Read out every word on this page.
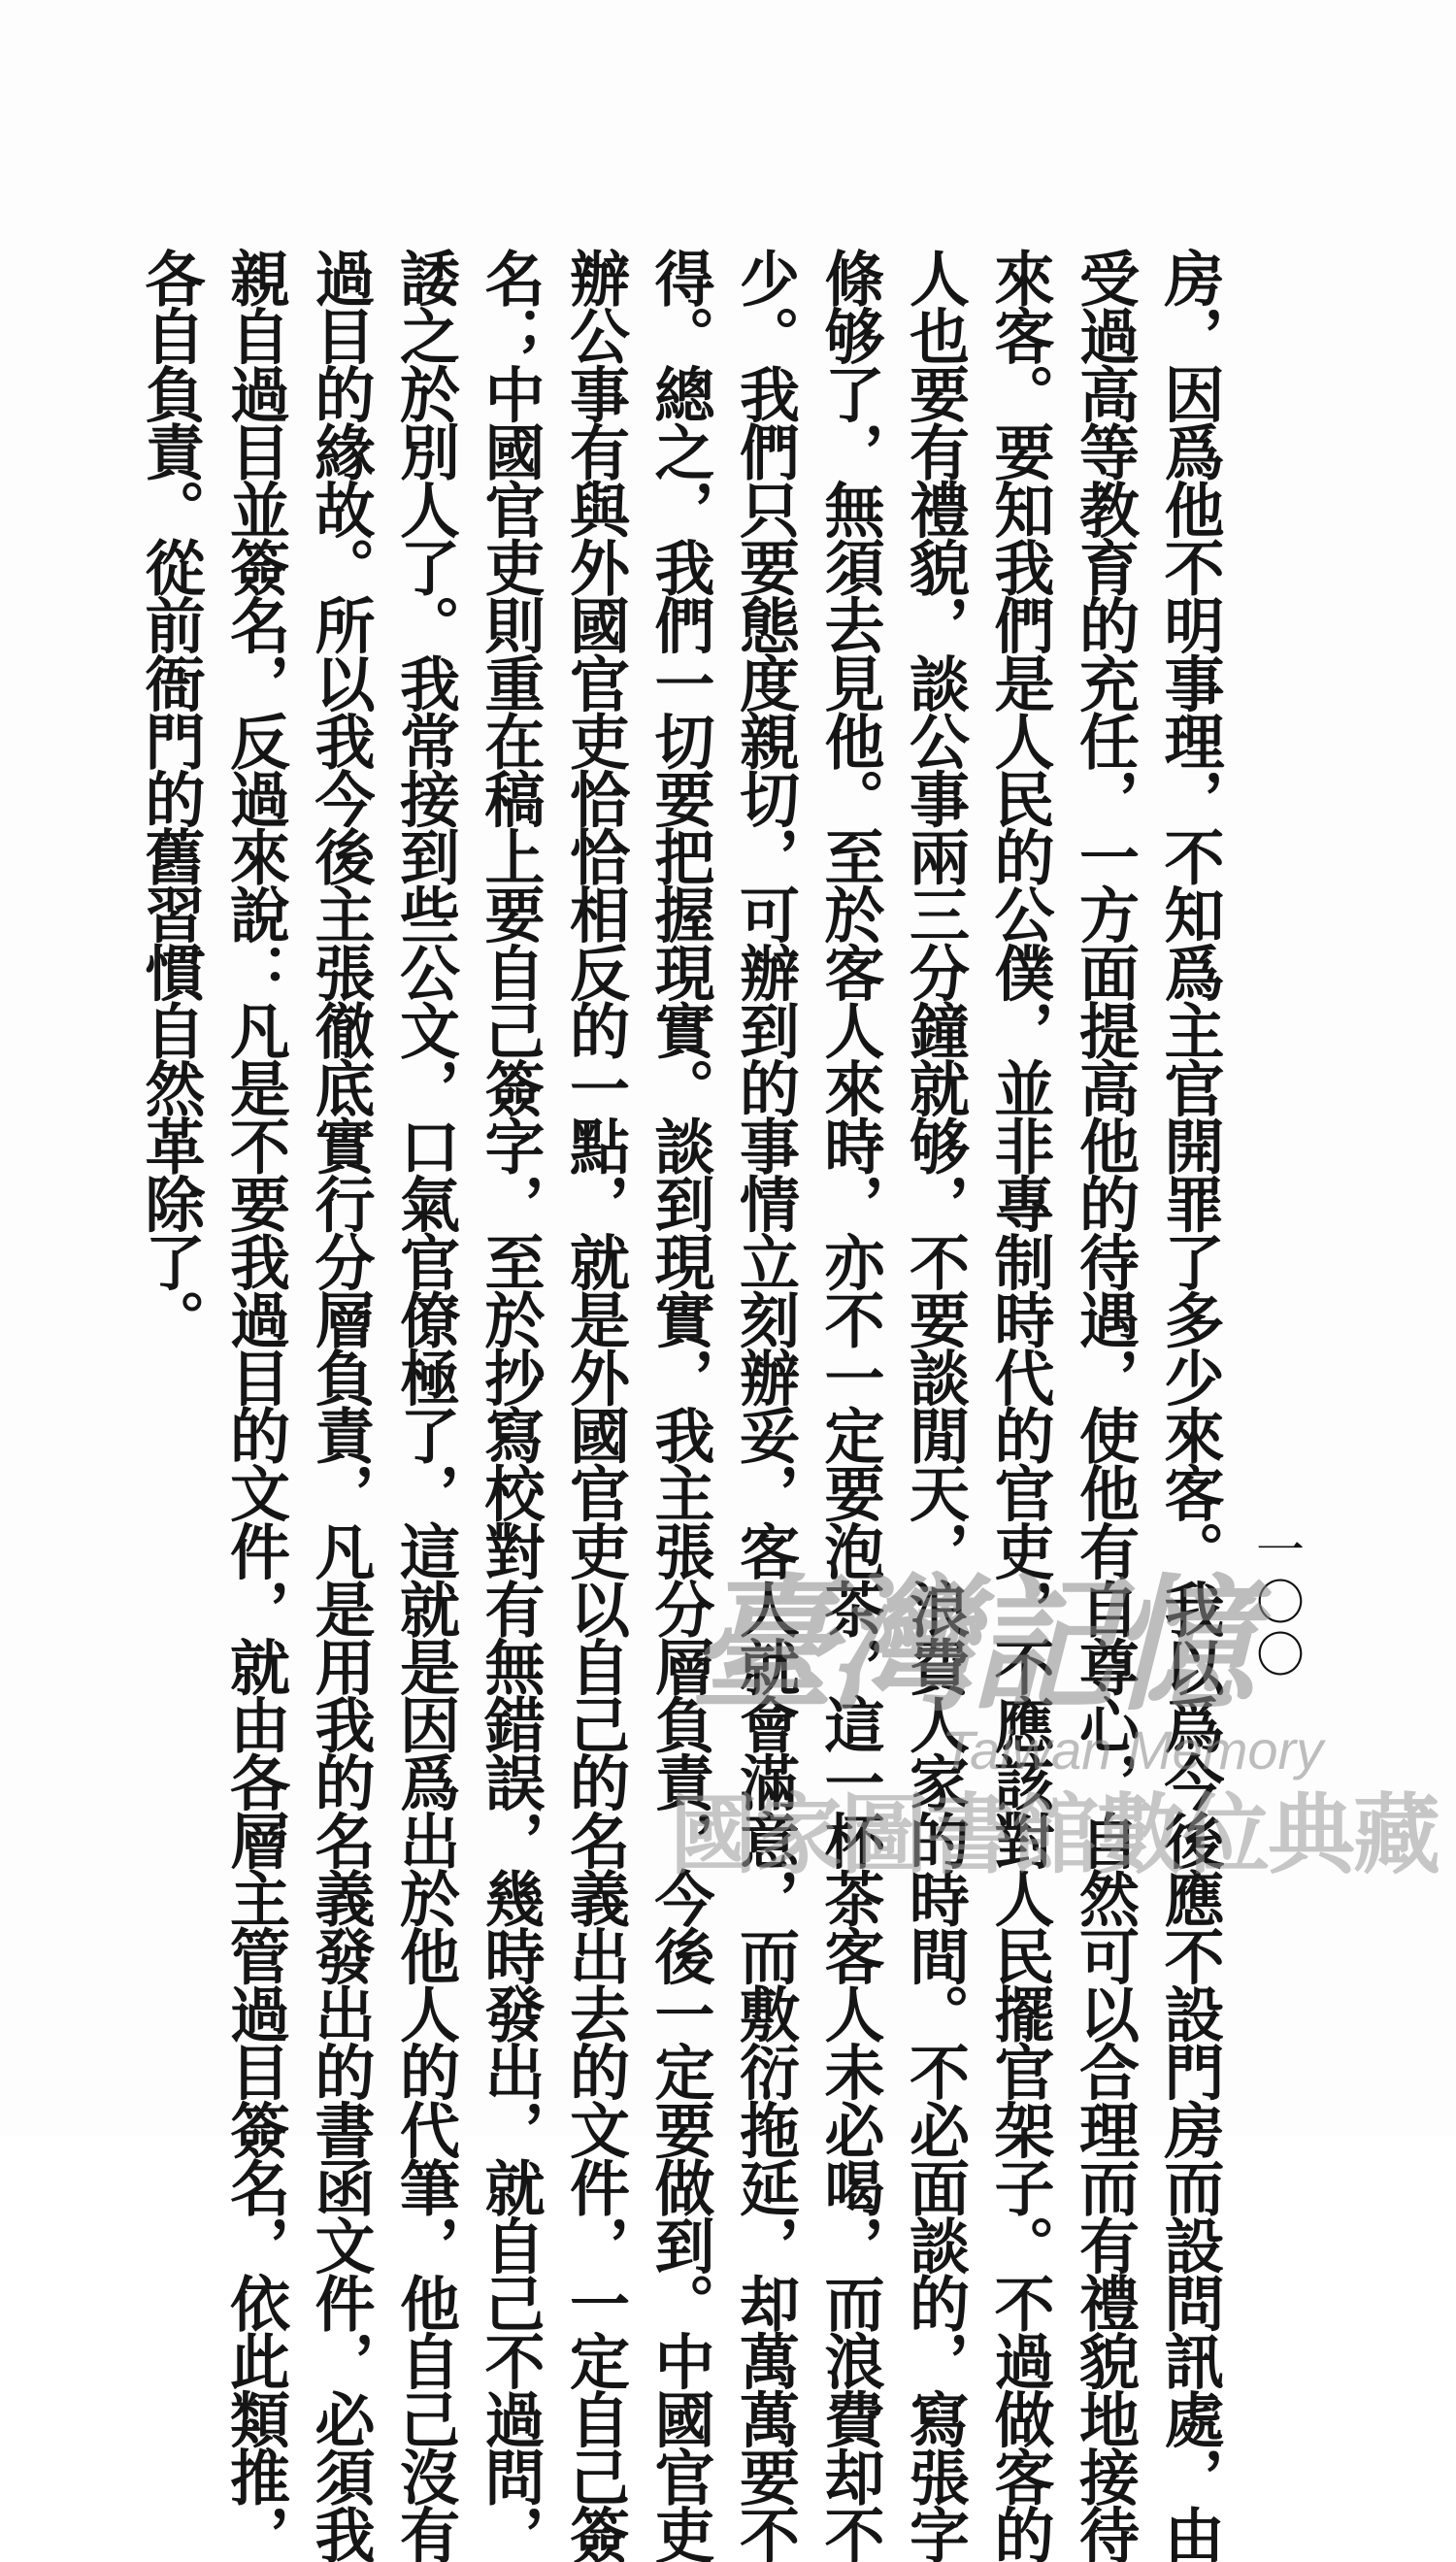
一〇〇
房，因爲他不明事理，不知爲主官開罪了多少來客。我以爲今後應不設門房而設問訊處，由
受過高等教育的充任，一方面提高他的待遇，使他有自尊心，自然可以合理而有禮貌地接待
來客。要知我們是人民的公僕，並非專制時代的官吏，不應該對人民擺官架子。不過做客的
人也要有禮貌，談公事兩三分鐘就够，不要談閒天，浪費人家的時間。不必面談的，寫張字
條够了，無須去見他。至於客人來時，亦不一定要泡茶，這一杯茶客人未必喝，而浪費却不
少。我們只要態度親切，可辦到的事情立刻辦妥，客人就會滿意，而敷衍拖延，却萬萬要不
得。總之，我們一切要把握現實。談到現實，我主張分層負責，今後一定要做到。中國官吏
辦公事有與外國官吏恰恰相反的一點，就是外國官吏以自己的名義出去的文件，一定自己簽
名；中國官吏則重在稿上要自己簽字，至於抄寫校對有無錯誤，幾時發出，就自己不過問，
諉之於別人了。我常接到些公文，口氣官僚極了，這就是因爲出於他人的代筆，他自己沒有
過目的緣故。所以我今後主張徹底實行分層負責，凡是用我的名義發出的書函文件，必須我
親自過目並簽名，反過來說：凡是不要我過目的文件，就由各層主管過目簽名，依此類推，
各自負責。從前衙門的舊習慣自然革除了。
臺灣記憶
Taiwan Memory
國家圖書館數位典藏
